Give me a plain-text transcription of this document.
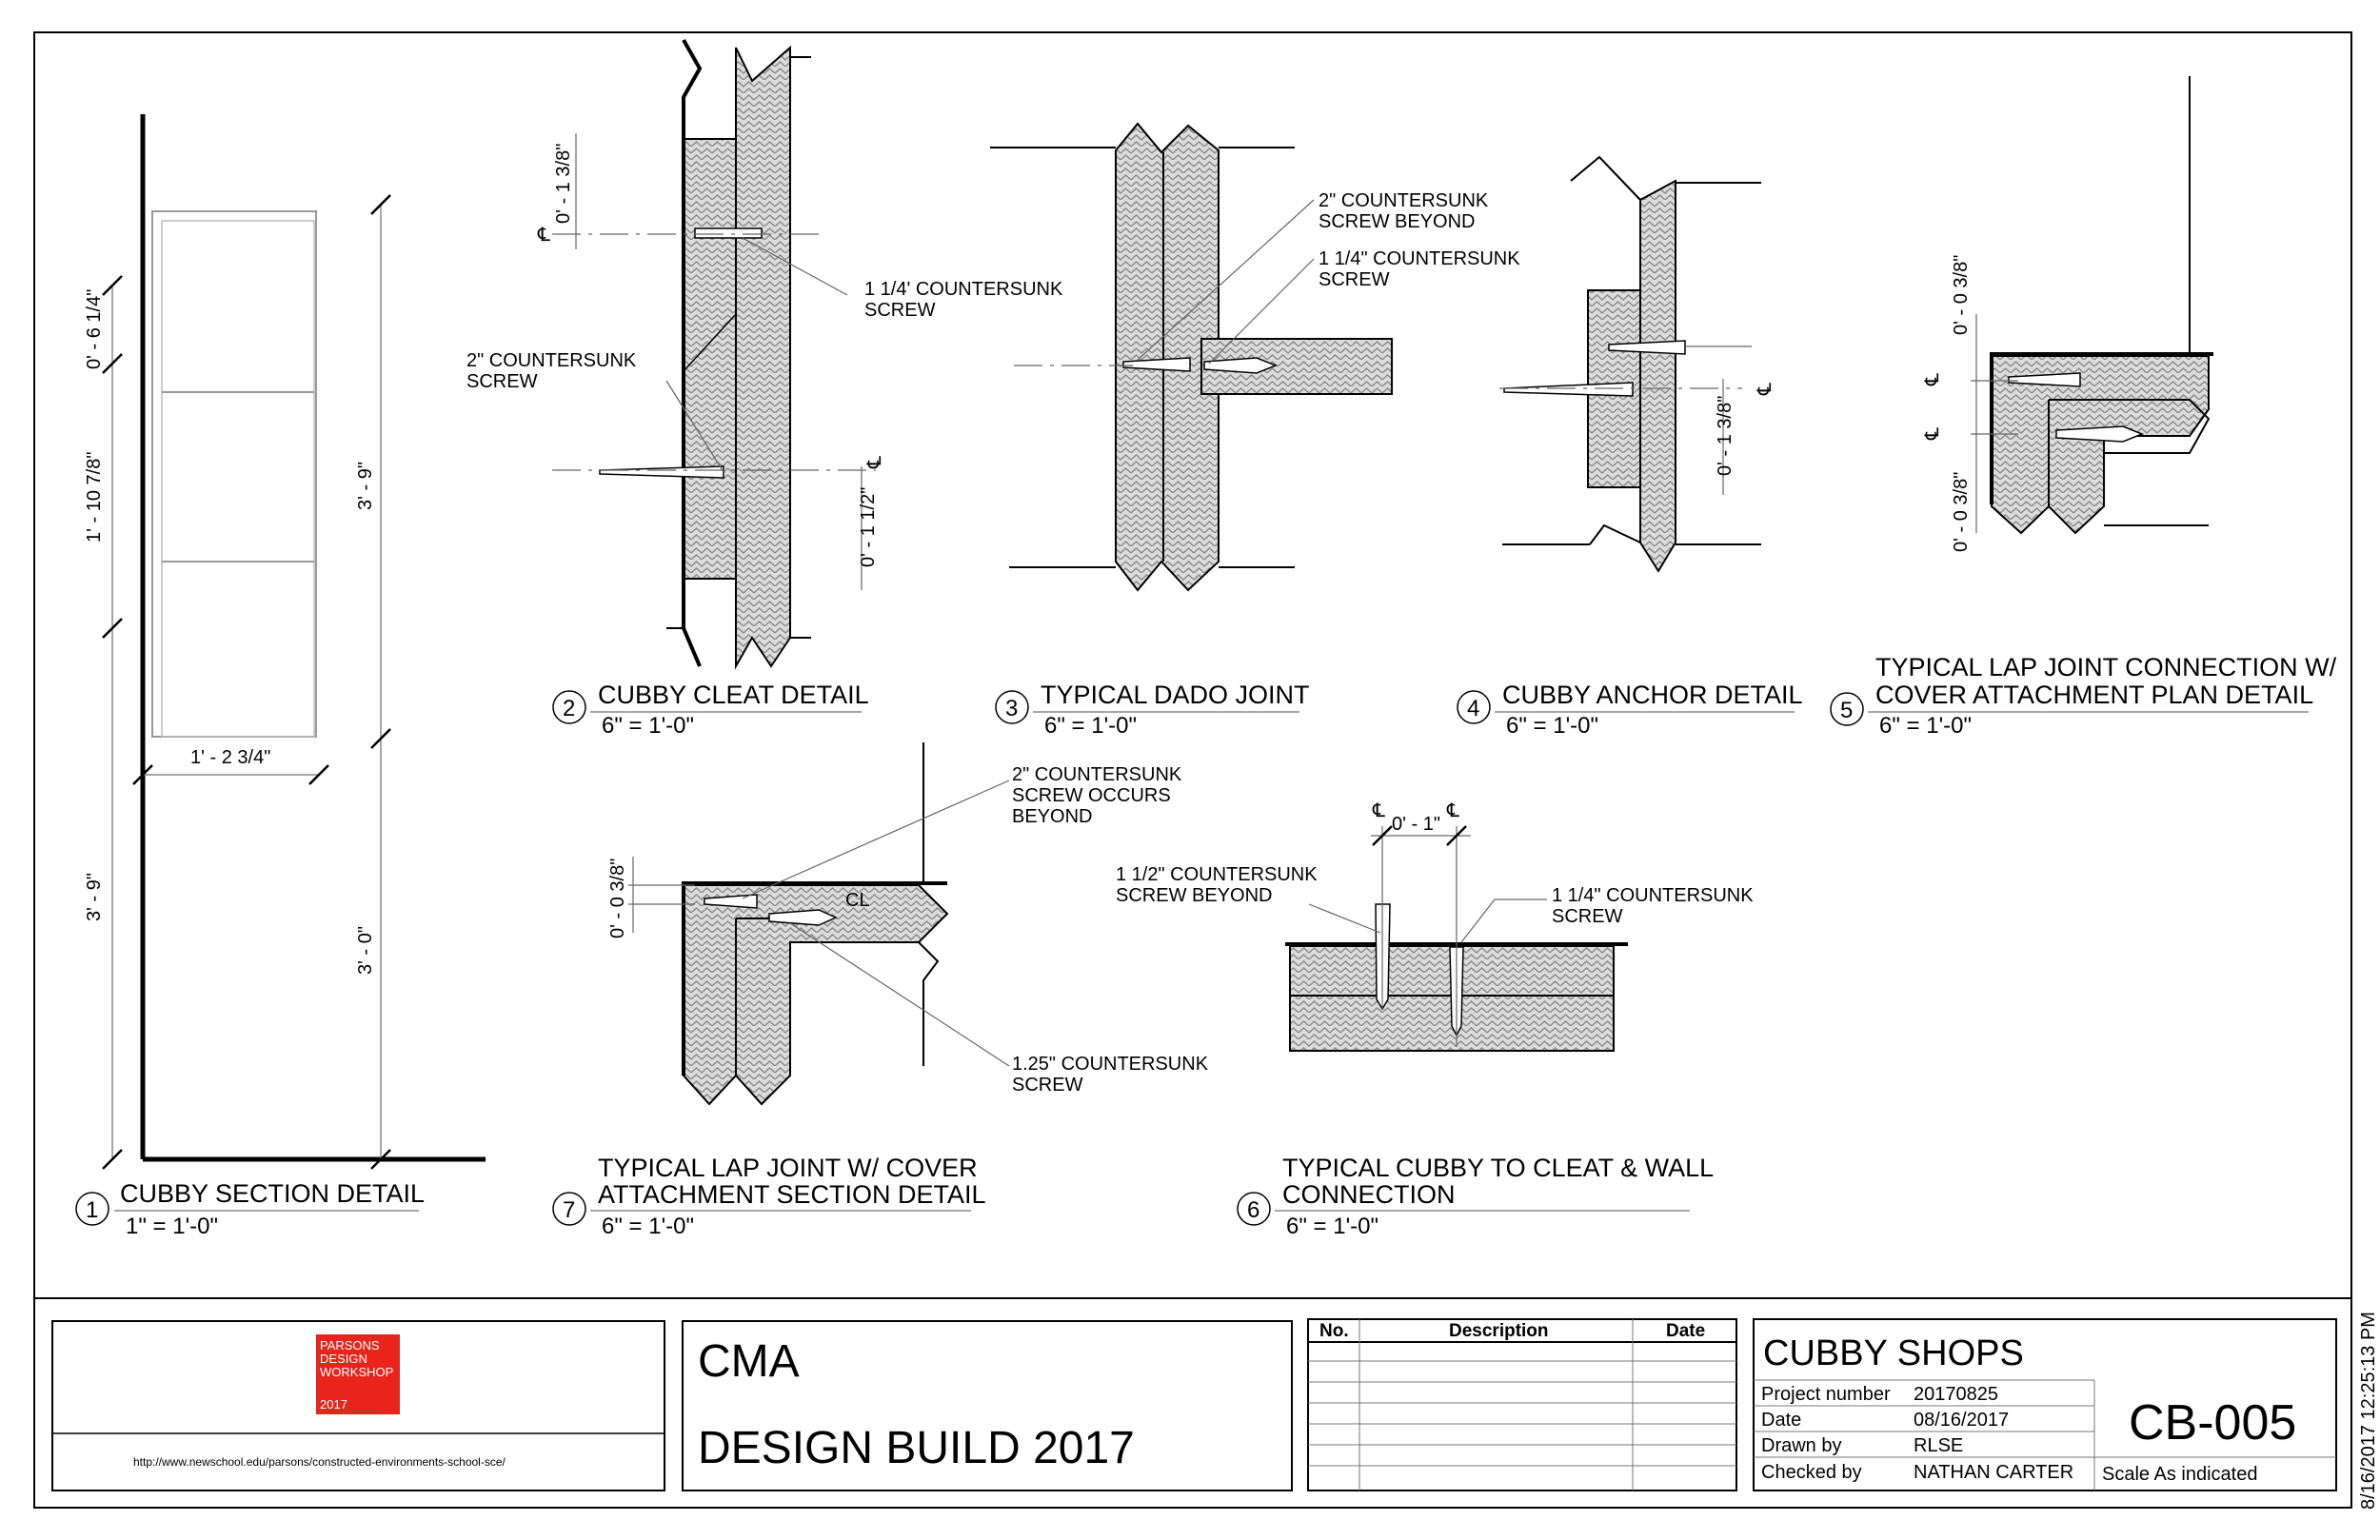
0' - 6 1/4"
1' - 10 7/8"	3' - 9"
1' - 2 3/4"
3' - 9"
3' - 0"
1
CUBBY SECTION DETAIL
1" = 1'-0"
℄
℄
0' - 1 3/8"
0' - 1 1/2"
1 1/4' COUNTERSUNK
SCREW
2" COUNTERSUNK
SCREW
2 CUBBY CLEAT DETAIL
6" = 1'-0"
2" COUNTERSUNK
SCREW BEYOND
1 1/4" COUNTERSUNK
SCREW
3 TYPICAL DADO JOINT
6" = 1'-0"
℄
0' - 1 3/8"
4 CUBBY ANCHOR DETAIL
6" = 1'-0"
℄
℄
0' - 0 3/8"
0' - 0 3/8"
5
TYPICAL LAP JOINT CONNECTION W/
COVER ATTACHMENT PLAN DETAIL
6" = 1'-0"
0' - 0 3/8"	CL
2" COUNTERSUNK
SCREW OCCURS
BEYOND
1.25" COUNTERSUNK
SCREW
7
TYPICAL LAP JOINT W/ COVER
ATTACHMENT SECTION DETAIL
6" = 1'-0"
℄	℄
0' - 1"
1 1/2" COUNTERSUNK
SCREW BEYOND	1 1/4" COUNTERSUNK
SCREW
6
TYPICAL CUBBY TO CLEAT & WALL
CONNECTION
6" = 1'-0"
PARSONS
DESIGN
WORKSHOP
2017
http://www.newschool.edu/parsons/constructed-environments-school-sce/
CMA
DESIGN BUILD 2017
No.	Description	Date
CUBBY SHOPS
Project number 20170825
Date	08/16/2017
Drawn by	RLSE
Checked by	NATHAN CARTER
CB-005
Scale As indicated	8/16/2017 12:25:13 PM
